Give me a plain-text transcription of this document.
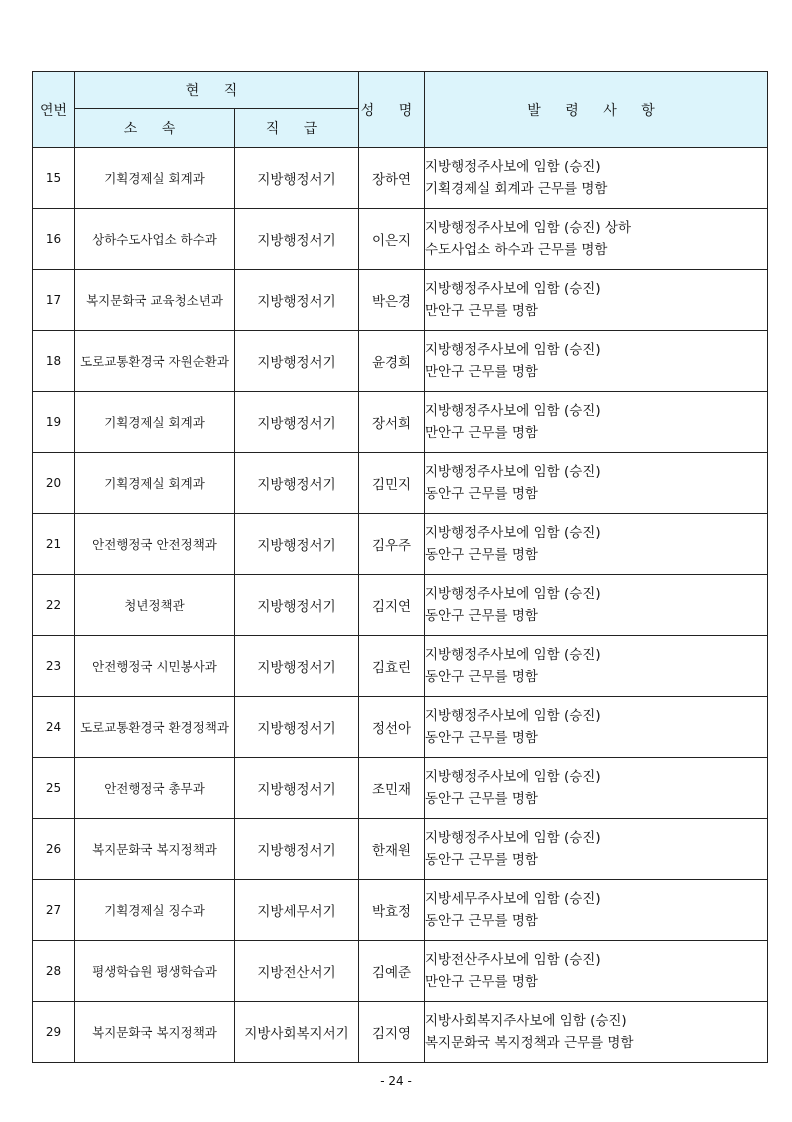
연번	현 직		성 명	발 령 사 항
	소 속	직 급		
15	기획경제실 회계과	지방행정서기	장하연	지방행정주사보에 임함 (승진)
기획경제실 회계과 근무를 명함

16	상하수도사업소 하수과	지방행정서기	이은지	지방행정주사보에 임함 (승진) 상하
수도사업소 하수과 근무를 명함

17	복지문화국 교육청소년과	지방행정서기	박은경	지방행정주사보에 임함 (승진)
만안구 근무를 명함

18	도로교통환경국 자원순환과	지방행정서기	윤경희	지방행정주사보에 임함 (승진)
만안구 근무를 명함

19	기획경제실 회계과	지방행정서기	장서희	지방행정주사보에 임함 (승진)
만안구 근무를 명함

20	기획경제실 회계과	지방행정서기	김민지	지방행정주사보에 임함 (승진)
동안구 근무를 명함

21	안전행정국 안전정책과	지방행정서기	김우주	지방행정주사보에 임함 (승진)
동안구 근무를 명함

22	청년정책관	지방행정서기	김지연	지방행정주사보에 임함 (승진)
동안구 근무를 명함

23	안전행정국 시민봉사과	지방행정서기	김효린	지방행정주사보에 임함 (승진)
동안구 근무를 명함

24	도로교통환경국 환경정책과	지방행정서기	정선아	지방행정주사보에 임함 (승진)
동안구 근무를 명함

25	안전행정국 총무과	지방행정서기	조민재	지방행정주사보에 임함 (승진)
동안구 근무를 명함

26	복지문화국 복지정책과	지방행정서기	한재원	지방행정주사보에 임함 (승진)
동안구 근무를 명함

27	기획경제실 징수과	지방세무서기	박효정	지방세무주사보에 임함 (승진)
동안구 근무를 명함

28	평생학습원 평생학습과	지방전산서기	김예준	지방전산주사보에 임함 (승진)
만안구 근무를 명함

29	복지문화국 복지정책과	지방사회복지서기	김지영	지방사회복지주사보에 임함 (승진)
복지문화국 복지정책과 근무를 명함
- 24 -
